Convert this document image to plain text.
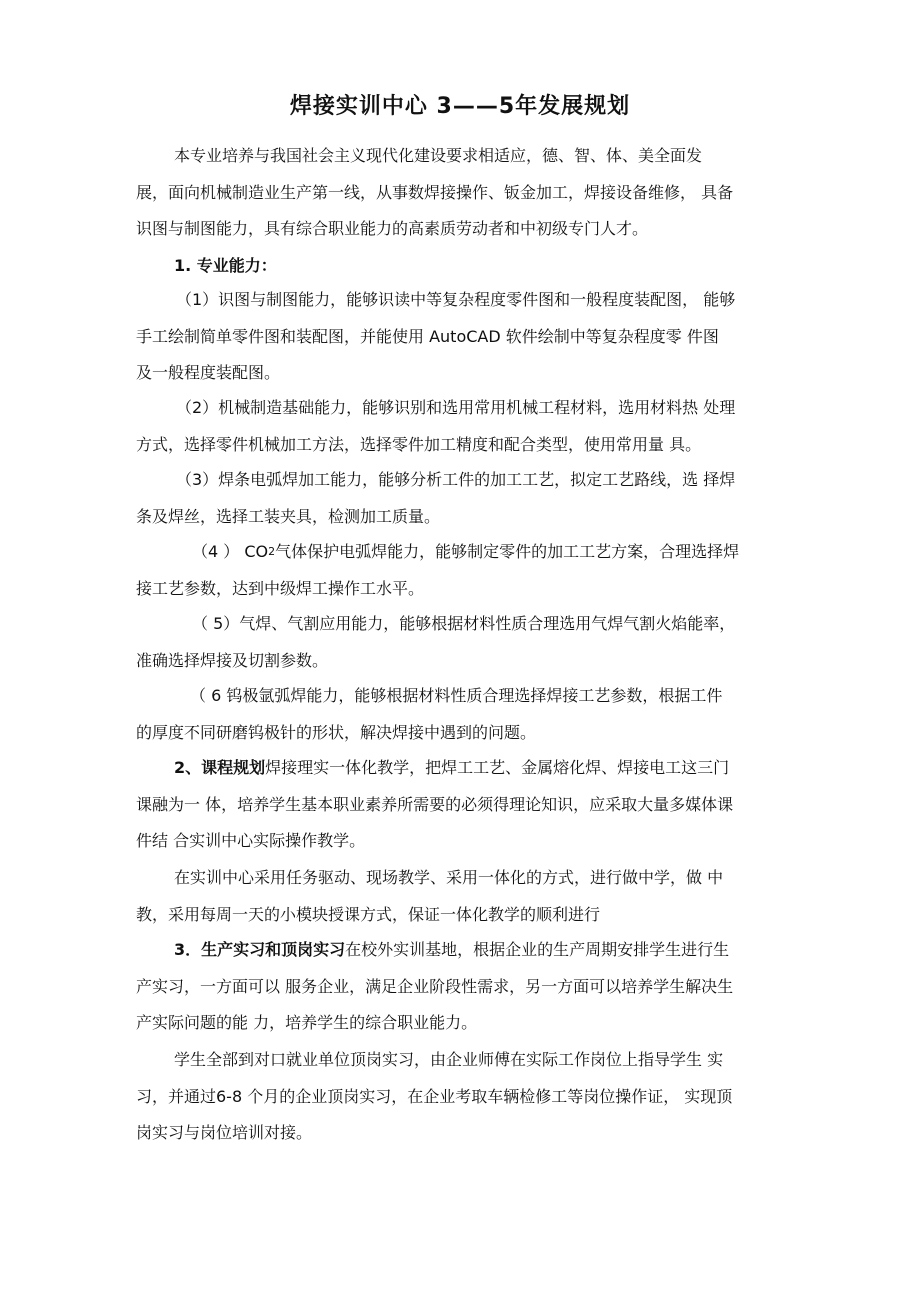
焊接实训中心 3——5年发展规划
本专业培养与我国社会主义现代化建设要求相适应，德、智、体、美全面发
展，面向机械制造业生产第一线，从事数焊接操作、钣金加工，焊接设备维修， 具备
识图与制图能力，具有综合职业能力的高素质劳动者和中初级专门人才。
1. 专业能力：
（1）识图与制图能力，能够识读中等复杂程度零件图和一般程度装配图， 能够
手工绘制简单零件图和装配图，并能使用 AutoCAD 软件绘制中等复杂程度零 件图
及一般程度装配图。
（2）机械制造基础能力，能够识别和选用常用机械工程材料，选用材料热 处理
方式，选择零件机械加工方法，选择零件加工精度和配合类型，使用常用量 具。
（3）焊条电弧焊加工能力，能够分析工件的加工工艺，拟定工艺路线，选 择焊
条及焊丝，选择工装夹具，检测加工质量。
（4 ） CO 2 气体保护电弧焊能力，能够制定零件的加工工艺方案，合理选择焊
接工艺参数，达到中级焊工操作工水平。
（ 5）气焊、气割应用能力，能够根据材料性质合理选用气焊气割火焰能率，
准确选择焊接及切割参数。
（ 6 钨极氩弧焊能力，能够根据材料性质合理选择焊接工艺参数，根据工件
的厚度不同研磨钨极针的形状，解决焊接中遇到的问题。
2、课程规划 焊接理实一体化教学，把焊工工艺、金属熔化焊、焊接电工这三门
课融为一 体，培养学生基本职业素养所需要的必须得理论知识，应采取大量多媒体课
件结 合实训中心实际操作教学。
在实训中心采用任务驱动、现场教学、采用一体化的方式，进行做中学，做 中
教，采用每周一天的小模块授课方式，保证一体化教学的顺利进行
3．生产实习和顶岗实习 在校外实训基地，根据企业的生产周期安排学生进行生
产实习，一方面可以 服务企业，满足企业阶段性需求，另一方面可以培养学生解决生
产实际问题的能 力，培养学生的综合职业能力。
学生全部到对口就业单位顶岗实习，由企业师傅在实际工作岗位上指导学生 实
习，并通过6-8 个月的企业顶岗实习，在企业考取车辆检修工等岗位操作证， 实现顶
岗实习与岗位培训对接。
